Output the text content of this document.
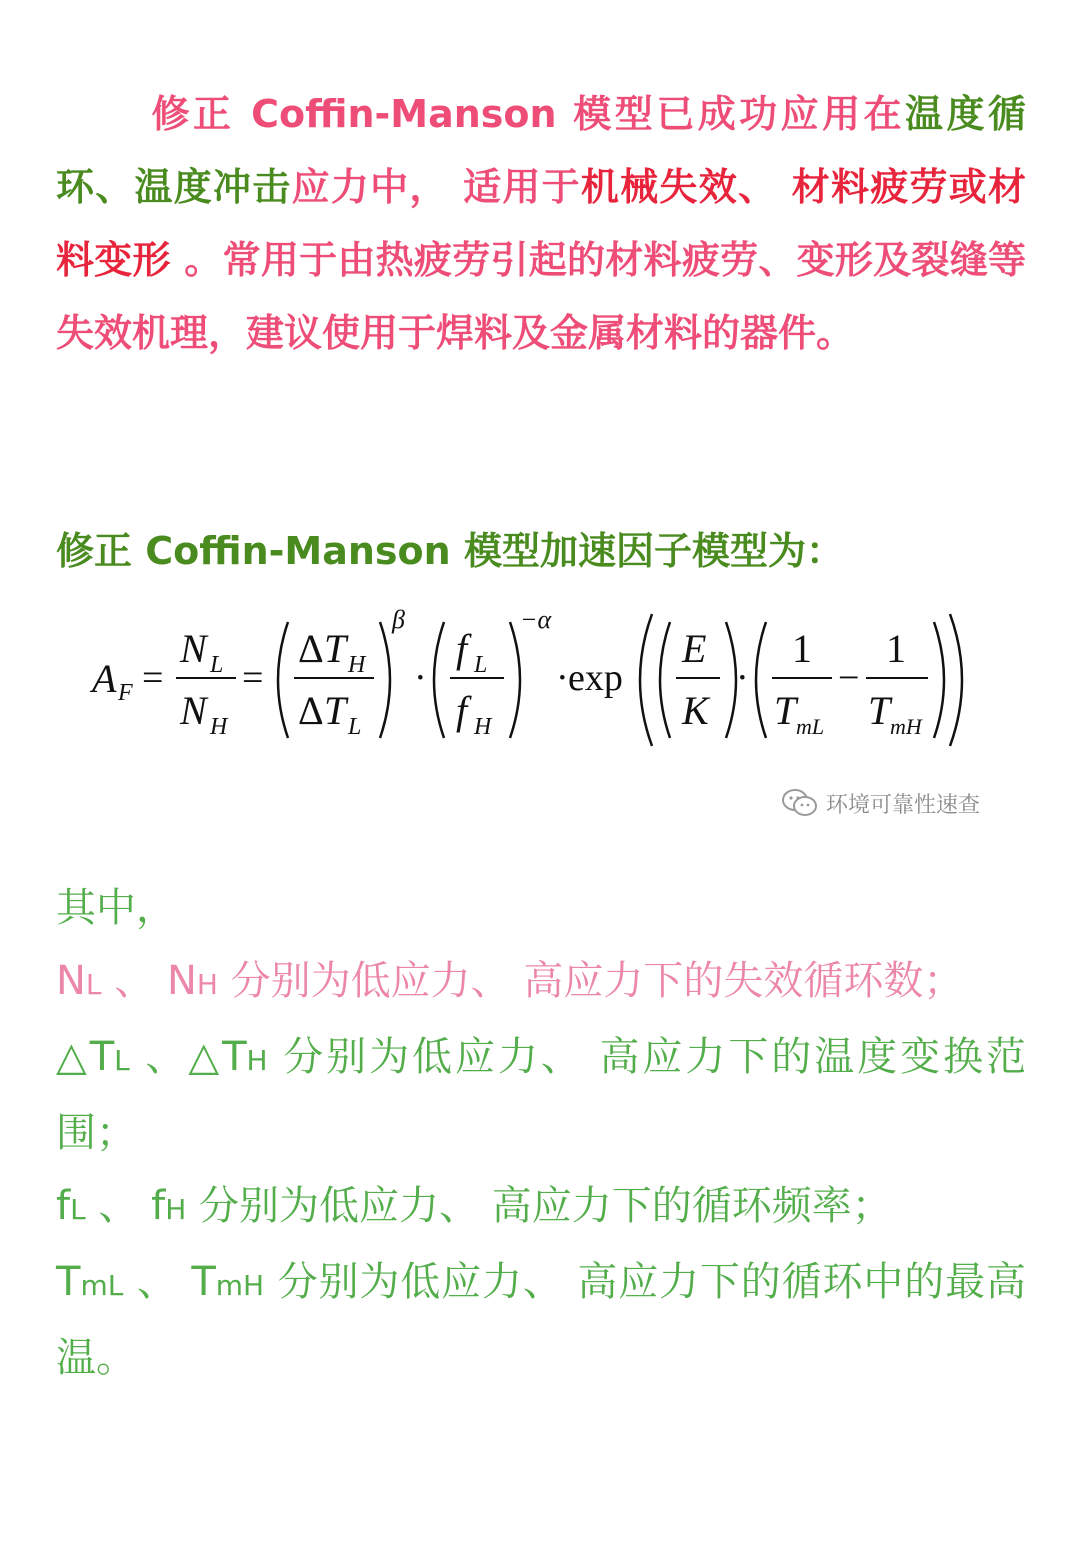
修正 Coffin-Manson 模型已成功应用在温度循环、温度冲击应力中， 适用于机械失效、 材料疲劳或材料变形 。常用于由热疲劳引起的材料疲劳、变形及裂缝等失效机理，建议使用于焊料及金属材料的器件。
修正 Coffin-Manson 模型加速因子模型为：
A F =
N L
N H
=
Δ T H
Δ T L
β
·
f L
f H
−α
· exp
E
K
·
1
T mL
−
1
T mH
环境可靠性速查
其中，
NL 、 NH 分别为低应力、 高应力下的失效循环数；
△TL 、△TH 分别为低应力、 高应力下的温度变换范围；
fL 、 fH 分别为低应力、 高应力下的循环频率；
TmL 、 TmH 分别为低应力、 高应力下的循环中的最高温。
